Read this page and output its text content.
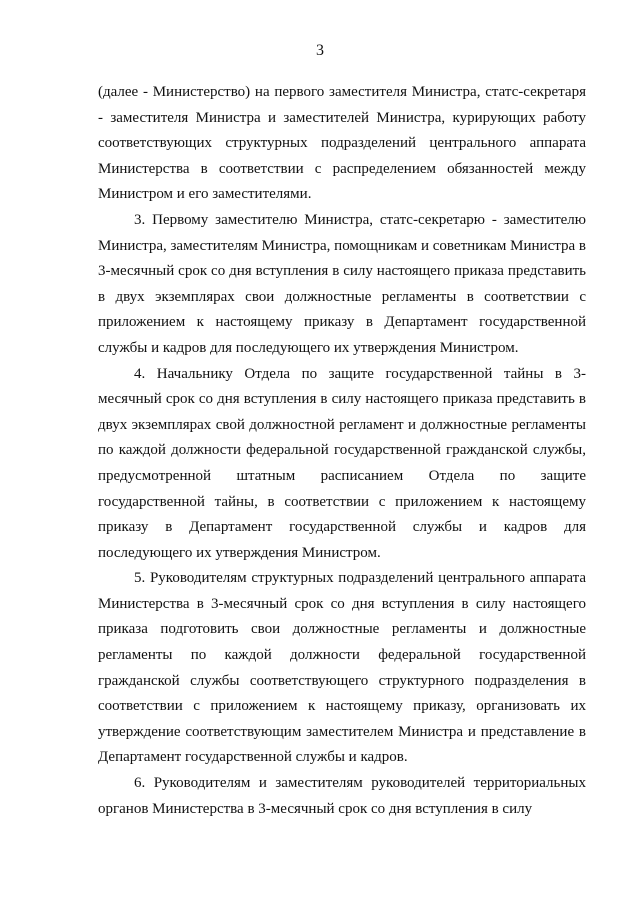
3

(далее - Министерство) на первого заместителя Министра, статс-секретаря - заместителя Министра и заместителей Министра, курирующих работу соответствующих структурных подразделений центрального аппарата Министерства в соответствии с распределением обязанностей между Министром и его заместителями.

3. Первому заместителю Министра, статс-секретарю - заместителю Министра, заместителям Министра, помощникам и советникам Министра в 3-месячный срок со дня вступления в силу настоящего приказа представить в двух экземплярах свои должностные регламенты в соответствии с приложением к настоящему приказу в Департамент государственной службы и кадров для последующего их утверждения Министром.

4. Начальнику Отдела по защите государственной тайны в 3-месячный срок со дня вступления в силу настоящего приказа представить в двух экземплярах свой должностной регламент и должностные регламенты по каждой должности федеральной государственной гражданской службы, предусмотренной штатным расписанием Отдела по защите государственной тайны, в соответствии с приложением к настоящему приказу в Департамент государственной службы и кадров для последующего их утверждения Министром.

5. Руководителям структурных подразделений центрального аппарата Министерства в 3-месячный срок со дня вступления в силу настоящего приказа подготовить свои должностные регламенты и должностные регламенты по каждой должности федеральной государственной гражданской службы соответствующего структурного подразделения в соответствии с приложением к настоящему приказу, организовать их утверждение соответствующим заместителем Министра и представление в Департамент государственной службы и кадров.

6. Руководителям и заместителям руководителей территориальных органов Министерства в 3-месячный срок со дня вступления в силу
